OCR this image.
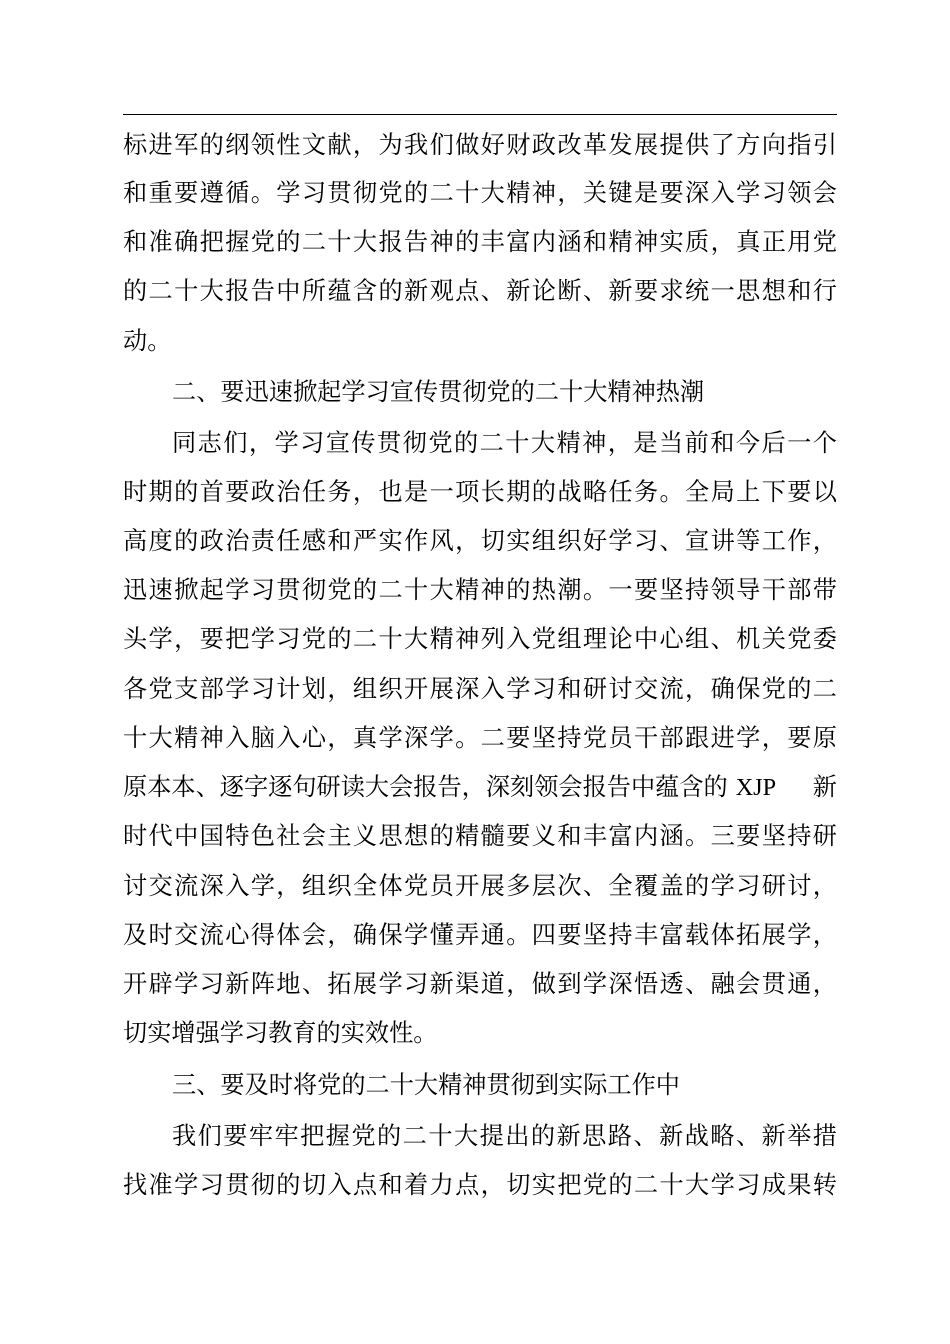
标进军的纲领性文献，为我们做好财政改革发展提供了方向指引
和重要遵循。学习贯彻党的二十大精神，关键是要深入学习领会
和准确把握党的二十大报告神的丰富内涵和精神实质，真正用党
的二十大报告中所蕴含的新观点、新论断、新要求统一思想和行
动。
二、要迅速掀起学习宣传贯彻党的二十大精神热潮
同志们，学习宣传贯彻党的二十大精神，是当前和今后一个
时期的首要政治任务，也是一项长期的战略任务。全局上下要以
高度的政治责任感和严实作风，切实组织好学习、宣讲等工作，
迅速掀起学习贯彻党的二十大精神的热潮。一要坚持领导干部带
头学，要把学习党的二十大精神列入党组理论中心组、机关党委
各党支部学习计划，组织开展深入学习和研讨交流，确保党的二
十大精神入脑入心，真学深学。二要坚持党员干部跟进学，要原
原本本、逐字逐句研读大会报告，深刻领会报告中蕴含的 XJP 新
时代中国特色社会主义思想的精髓要义和丰富内涵。三要坚持研
讨交流深入学，组织全体党员开展多层次、全覆盖的学习研讨，
及时交流心得体会，确保学懂弄通。四要坚持丰富载体拓展学，
开辟学习新阵地、拓展学习新渠道，做到学深悟透、融会贯通，
切实增强学习教育的实效性。
三、要及时将党的二十大精神贯彻到实际工作中
我们要牢牢把握党的二十大提出的新思路、新战略、新举措
找准学习贯彻的切入点和着力点，切实把党的二十大学习成果转
